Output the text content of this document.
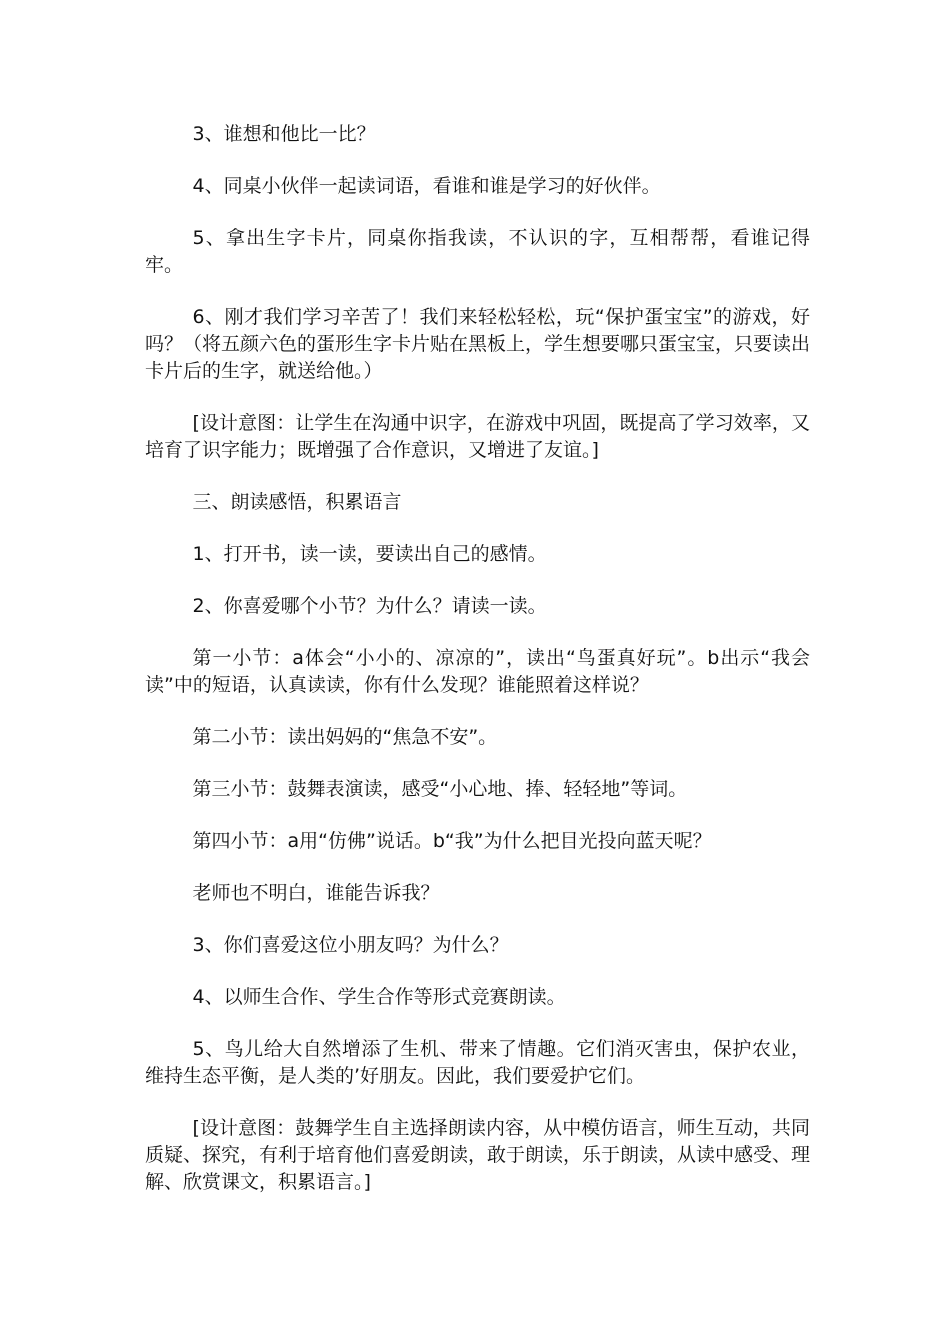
3、谁想和他比一比？

4、同桌小伙伴一起读词语，看谁和谁是学习的好伙伴。

5、拿出生字卡片，同桌你指我读，不认识的字，互相帮帮，看谁记得牢。

6、刚才我们学习辛苦了！我们来轻松轻松，玩“保护蛋宝宝”的游戏，好吗？（将五颜六色的蛋形生字卡片贴在黑板上，学生想要哪只蛋宝宝，只要读出卡片后的生字，就送给他。）

[设计意图：让学生在沟通中识字，在游戏中巩固，既提高了学习效率，又培育了识字能力；既增强了合作意识，又增进了友谊。]

三、朗读感悟，积累语言

1、打开书，读一读，要读出自己的感情。

2、你喜爱哪个小节？为什么？请读一读。

第一小节：a体会“小小的、凉凉的”，读出“鸟蛋真好玩”。b出示“我会读”中的短语，认真读读，你有什么发现？谁能照着这样说？

第二小节：读出妈妈的“焦急不安”。

第三小节：鼓舞表演读，感受“小心地、捧、轻轻地”等词。

第四小节：a用“仿佛”说话。b“我”为什么把目光投向蓝天呢？

老师也不明白，谁能告诉我？

3、你们喜爱这位小朋友吗？为什么？

4、以师生合作、学生合作等形式竞赛朗读。

5、鸟儿给大自然增添了生机、带来了情趣。它们消灭害虫，保护农业，维持生态平衡，是人类的’好朋友。因此，我们要爱护它们。

[设计意图：鼓舞学生自主选择朗读内容，从中模仿语言，师生互动，共同质疑、探究，有利于培育他们喜爱朗读，敢于朗读，乐于朗读，从读中感受、理解、欣赏课文，积累语言。]
